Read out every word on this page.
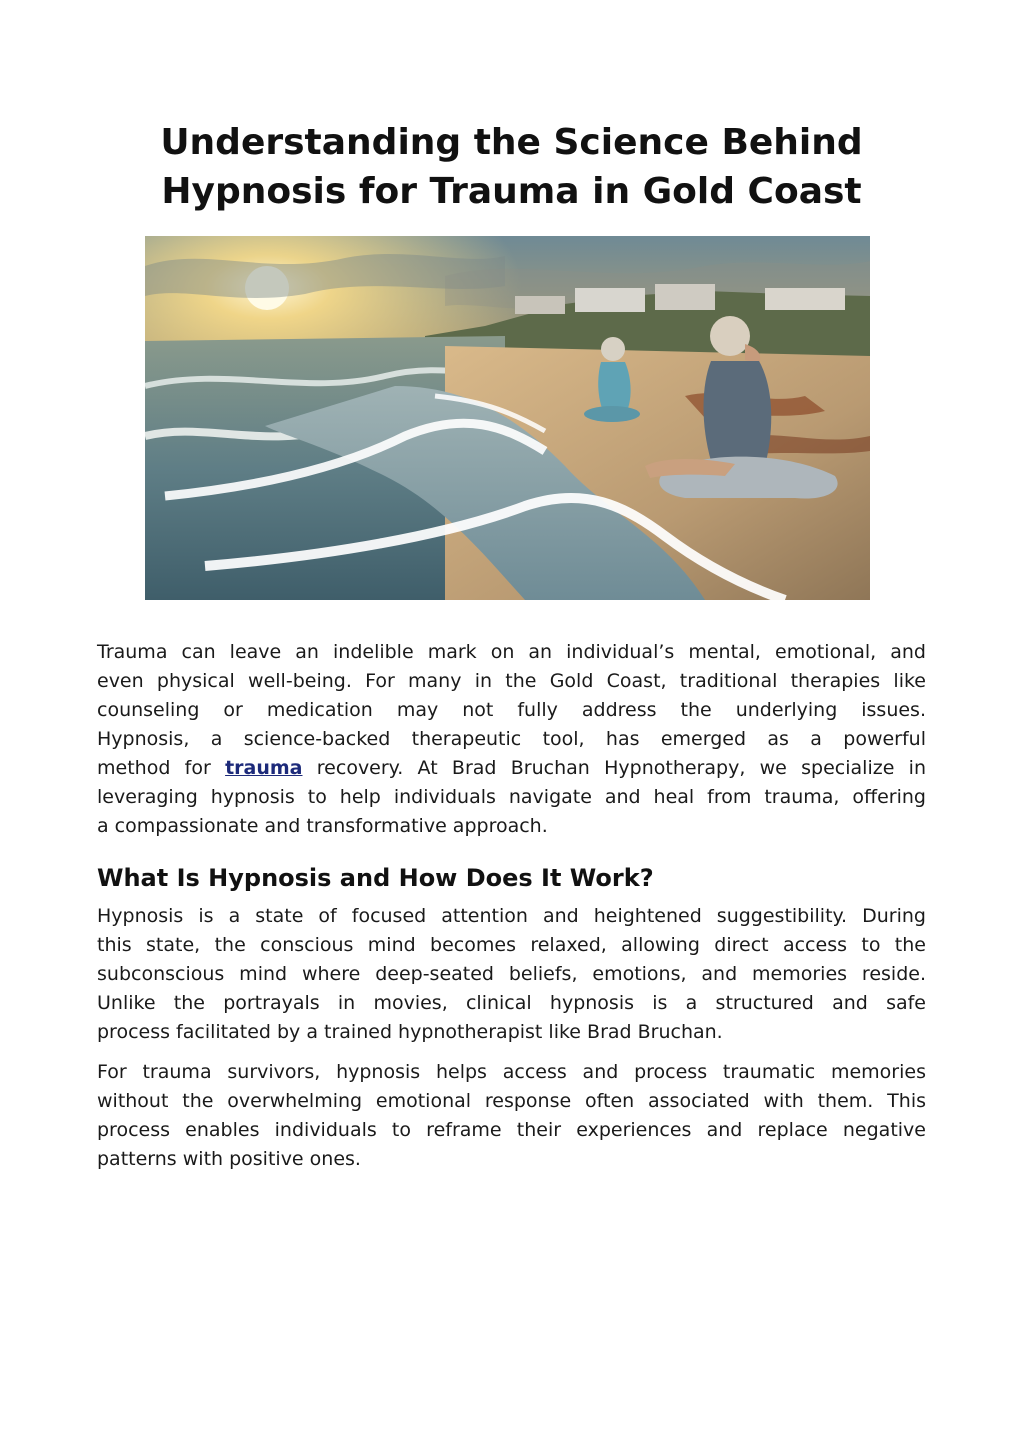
Understanding the Science Behind
Hypnosis for Trauma in Gold Coast
Trauma can leave an indelible mark on an individual’s mental, emotional, and
even physical well-being. For many in the Gold Coast, traditional therapies like
counseling or medication may not fully address the underlying issues.
Hypnosis, a science-backed therapeutic tool, has emerged as a powerful
method for trauma recovery. At Brad Bruchan Hypnotherapy, we specialize in
leveraging hypnosis to help individuals navigate and heal from trauma, offering
a compassionate and transformative approach.
What Is Hypnosis and How Does It Work?
Hypnosis is a state of focused attention and heightened suggestibility. During
this state, the conscious mind becomes relaxed, allowing direct access to the
subconscious mind where deep-seated beliefs, emotions, and memories reside.
Unlike the portrayals in movies, clinical hypnosis is a structured and safe
process facilitated by a trained hypnotherapist like Brad Bruchan.
For trauma survivors, hypnosis helps access and process traumatic memories
without the overwhelming emotional response often associated with them. This
process enables individuals to reframe their experiences and replace negative
patterns with positive ones.
